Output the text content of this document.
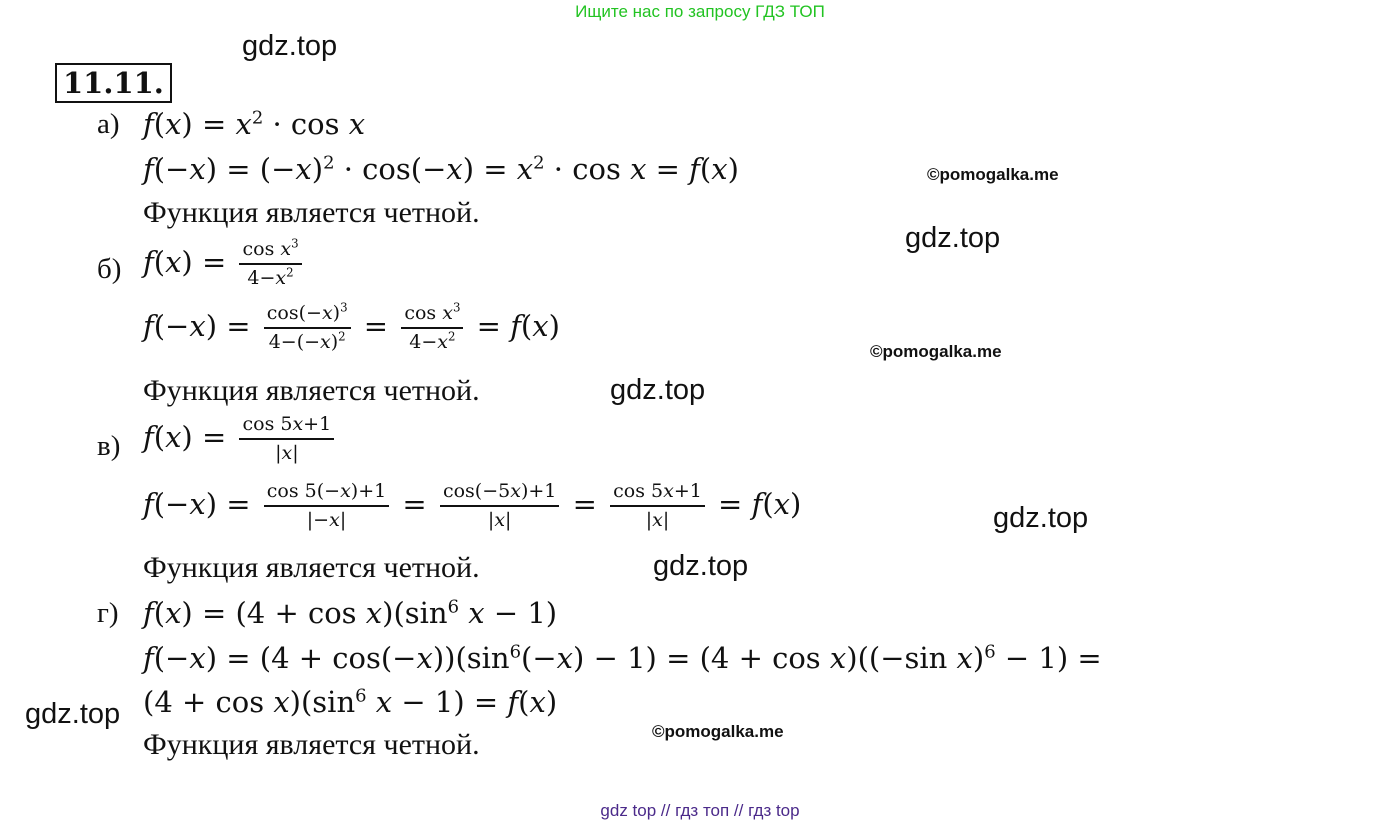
Ищите нас по запросу ГДЗ ТОП
gdz.top
11.11.
а) $f(x) = x^2 \cdot \cos x$
$f(-x) = (-x)^2 \cdot \cos(-x) = x^2 \cdot \cos x = f(x)$
Функция является четной.
©pomogalka.me
gdz.top
б) $f(x) = \frac{\cos x^3}{4-x^2}$
$f(-x) = \frac{\cos(-x)^3}{4-(-x)^2} = \frac{\cos x^3}{4-x^2} = f(x)$
©pomogalka.me
Функция является четной.	gdz.top
в) $f(x) = \frac{\cos 5x+1}{|x|}$
$f(-x) = \frac{\cos 5(-x)+1}{|-x|} = \frac{\cos(-5x)+1}{|x|} = \frac{\cos 5x+1}{|x|} = f(x)$	gdz.top
Функция является четной.	gdz.top
г) $f(x) = (4 + \cos x)(\sin^6$ x − 1)
$f(-x) = (4 + \cos(-x))(\sin^6(-x) - 1) = (4 + \cos x)((-\sin$ x)$^6$ − 1) =
$(4 + \cos x)(\sin^6$ x − 1) = f(x)
gdz.top
©pomogalka.me
Функция является четной.
gdz top // гдз топ // гдз top
